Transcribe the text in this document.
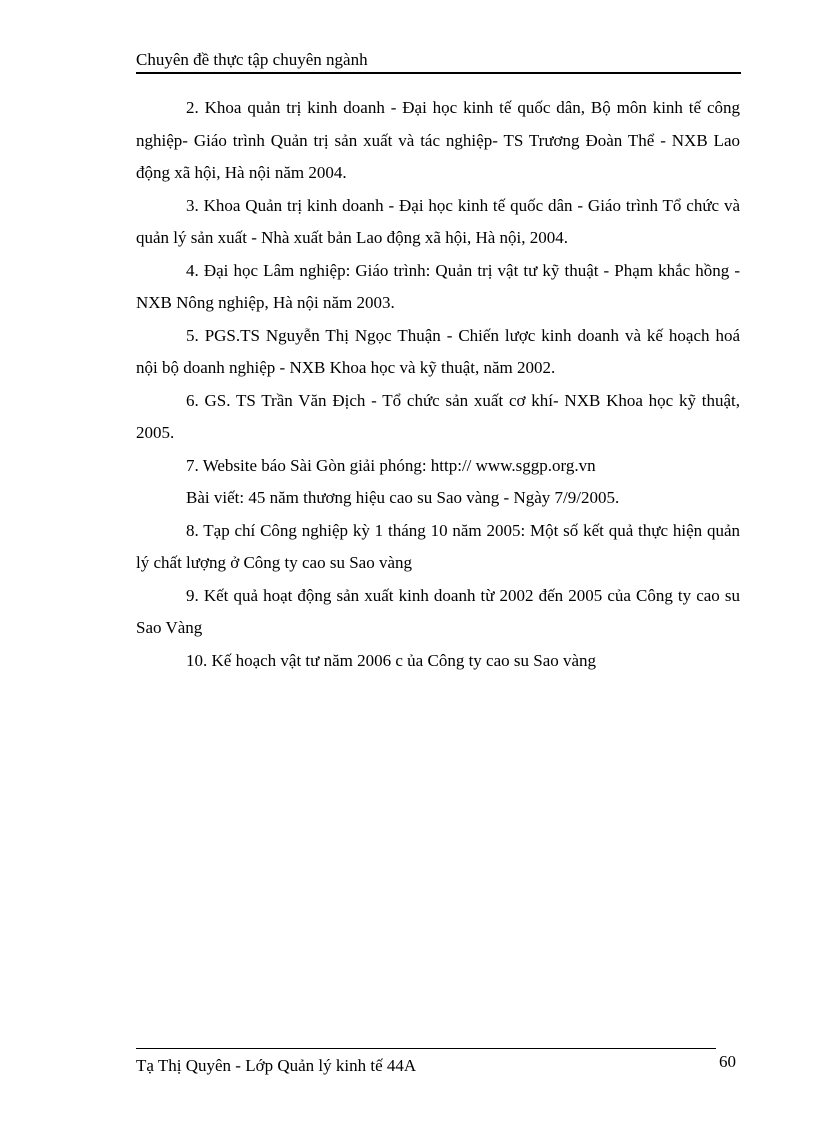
Chuyên đề thực tập chuyên ngành

2. Khoa quản trị kinh doanh - Đại học kinh tế quốc dân, Bộ môn kinh tế công nghiệp- Giáo trình Quản trị sản xuất và tác nghiệp- TS Trương Đoàn Thể - NXB Lao động xã hội, Hà nội năm 2004.

3. Khoa Quản trị kinh doanh - Đại học kinh tế quốc dân - Giáo trình Tổ chức và quản lý sản xuất - Nhà xuất bản Lao động xã hội, Hà nội, 2004.

4. Đại học Lâm nghiệp: Giáo trình: Quản trị vật tư kỹ thuật - Phạm khắc hồng - NXB Nông nghiệp, Hà nội năm 2003.

5. PGS.TS Nguyễn Thị Ngọc Thuận - Chiến lược kinh doanh và kế hoạch hoá nội bộ doanh nghiệp - NXB Khoa học và kỹ thuật, năm 2002.

6. GS. TS Trần Văn Địch - Tổ chức sản xuất cơ khí- NXB Khoa học kỹ thuật, 2005.

7. Website báo Sài Gòn giải phóng: http:// www.sggp.org.vn

Bài viết: 45 năm thương hiệu cao su Sao vàng - Ngày 7/9/2005.

8. Tạp chí Công nghiệp kỳ 1 tháng 10 năm 2005: Một số kết quả thực hiện quản lý chất lượng ở Công ty cao su Sao vàng

9. Kết quả hoạt động sản xuất kinh doanh từ 2002 đến 2005 của Công ty cao su Sao Vàng

10. Kế hoạch vật tư năm 2006 c ủa Công ty cao su Sao vàng

Tạ Thị Quyên - Lớp Quản lý kinh tế 44A	60
